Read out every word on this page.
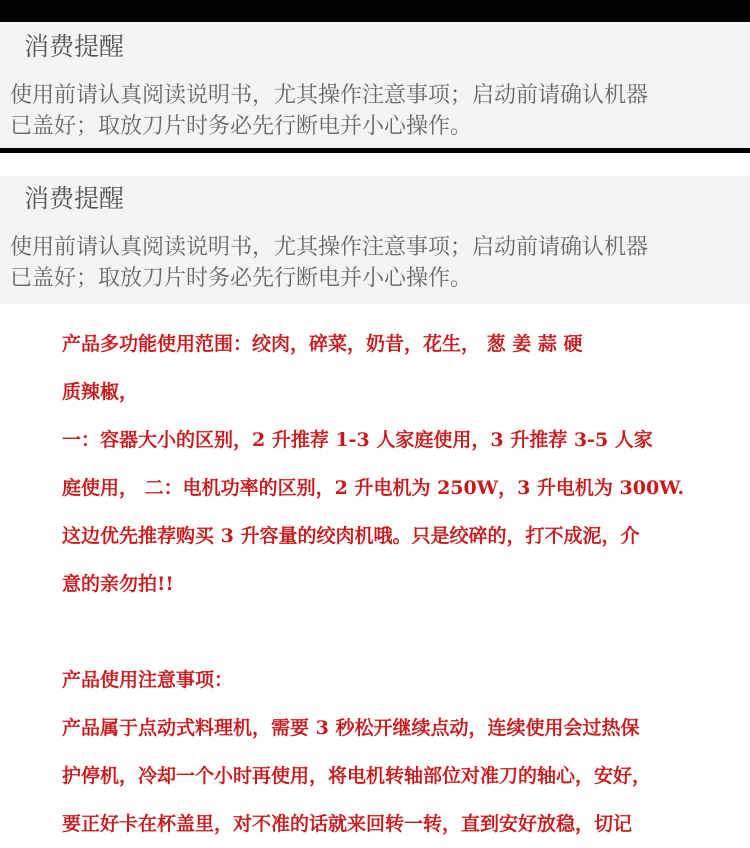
消费提醒
使用前请认真阅读说明书，尤其操作注意事项；启动前请确认机器
已盖好；取放刀片时务必先行断电并小心操作。
消费提醒
使用前请认真阅读说明书，尤其操作注意事项；启动前请确认机器
已盖好；取放刀片时务必先行断电并小心操作。
产品多功能使用范围：绞肉，碎菜，奶昔，花生， 葱 姜 蒜 硬
质辣椒，
一：容器大小的区别，2 升推荐 1-3 人家庭使用，3 升推荐 3-5 人家
庭使用， 二：电机功率的区别，2 升电机为 250W，3 升电机为 300W.
这边优先推荐购买 3 升容量的绞肉机哦。只是绞碎的，打不成泥，介
意的亲勿拍!!
产品使用注意事项：
产品属于点动式料理机，需要 3 秒松开继续点动，连续使用会过热保
护停机，冷却一个小时再使用，将电机转轴部位对准刀的轴心，安好，
要正好卡在杯盖里，对不准的话就来回转一转，直到安好放稳，切记
